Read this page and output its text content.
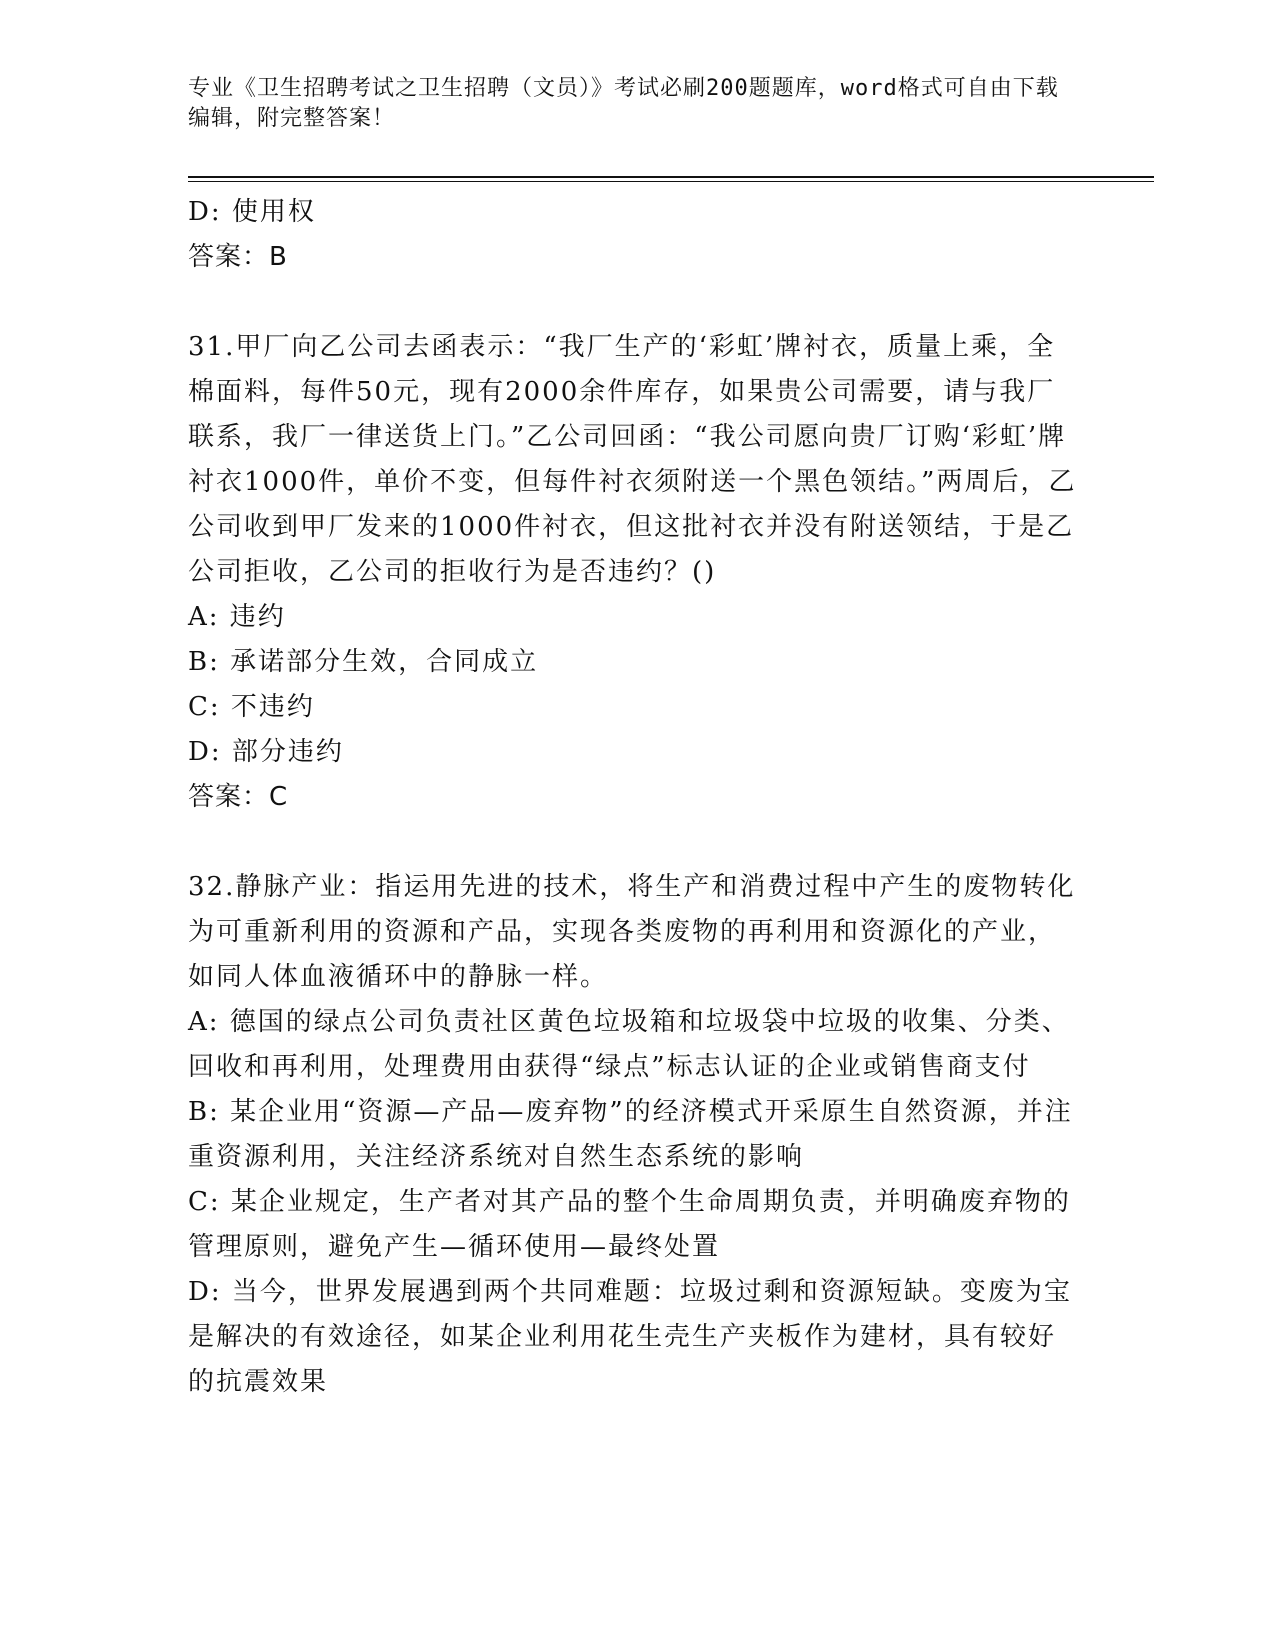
专业《卫生招聘考试之卫生招聘（文员）》考试必刷200题题库，word格式可自由下载编辑，附完整答案！
D: 使用权
答案：B
31.甲厂向乙公司去函表示：“我厂生产的‘彩虹’牌衬衣，质量上乘，全棉面料，每件50元，现有2000余件库存，如果贵公司需要，请与我厂联系，我厂一律送货上门。”乙公司回函：“我公司愿向贵厂订购‘彩虹’牌衬衣1000件，单价不变，但每件衬衣须附送一个黑色领结。”两周后，乙公司收到甲厂发来的1000件衬衣，但这批衬衣并没有附送领结，于是乙公司拒收，乙公司的拒收行为是否违约？()
A: 违约
B: 承诺部分生效，合同成立
C: 不违约
D: 部分违约
答案：C
32.静脉产业：指运用先进的技术，将生产和消费过程中产生的废物转化为可重新利用的资源和产品，实现各类废物的再利用和资源化的产业，如同人体血液循环中的静脉一样。
A: 德国的绿点公司负责社区黄色垃圾箱和垃圾袋中垃圾的收集、分类、回收和再利用，处理费用由获得“绿点”标志认证的企业或销售商支付
B: 某企业用“资源—产品—废弃物”的经济模式开采原生自然资源，并注重资源利用，关注经济系统对自然生态系统的影响
C: 某企业规定，生产者对其产品的整个生命周期负责，并明确废弃物的管理原则，避免产生—循环使用—最终处置
D: 当今，世界发展遇到两个共同难题：垃圾过剩和资源短缺。变废为宝是解决的有效途径，如某企业利用花生壳生产夹板作为建材，具有较好的抗震效果
